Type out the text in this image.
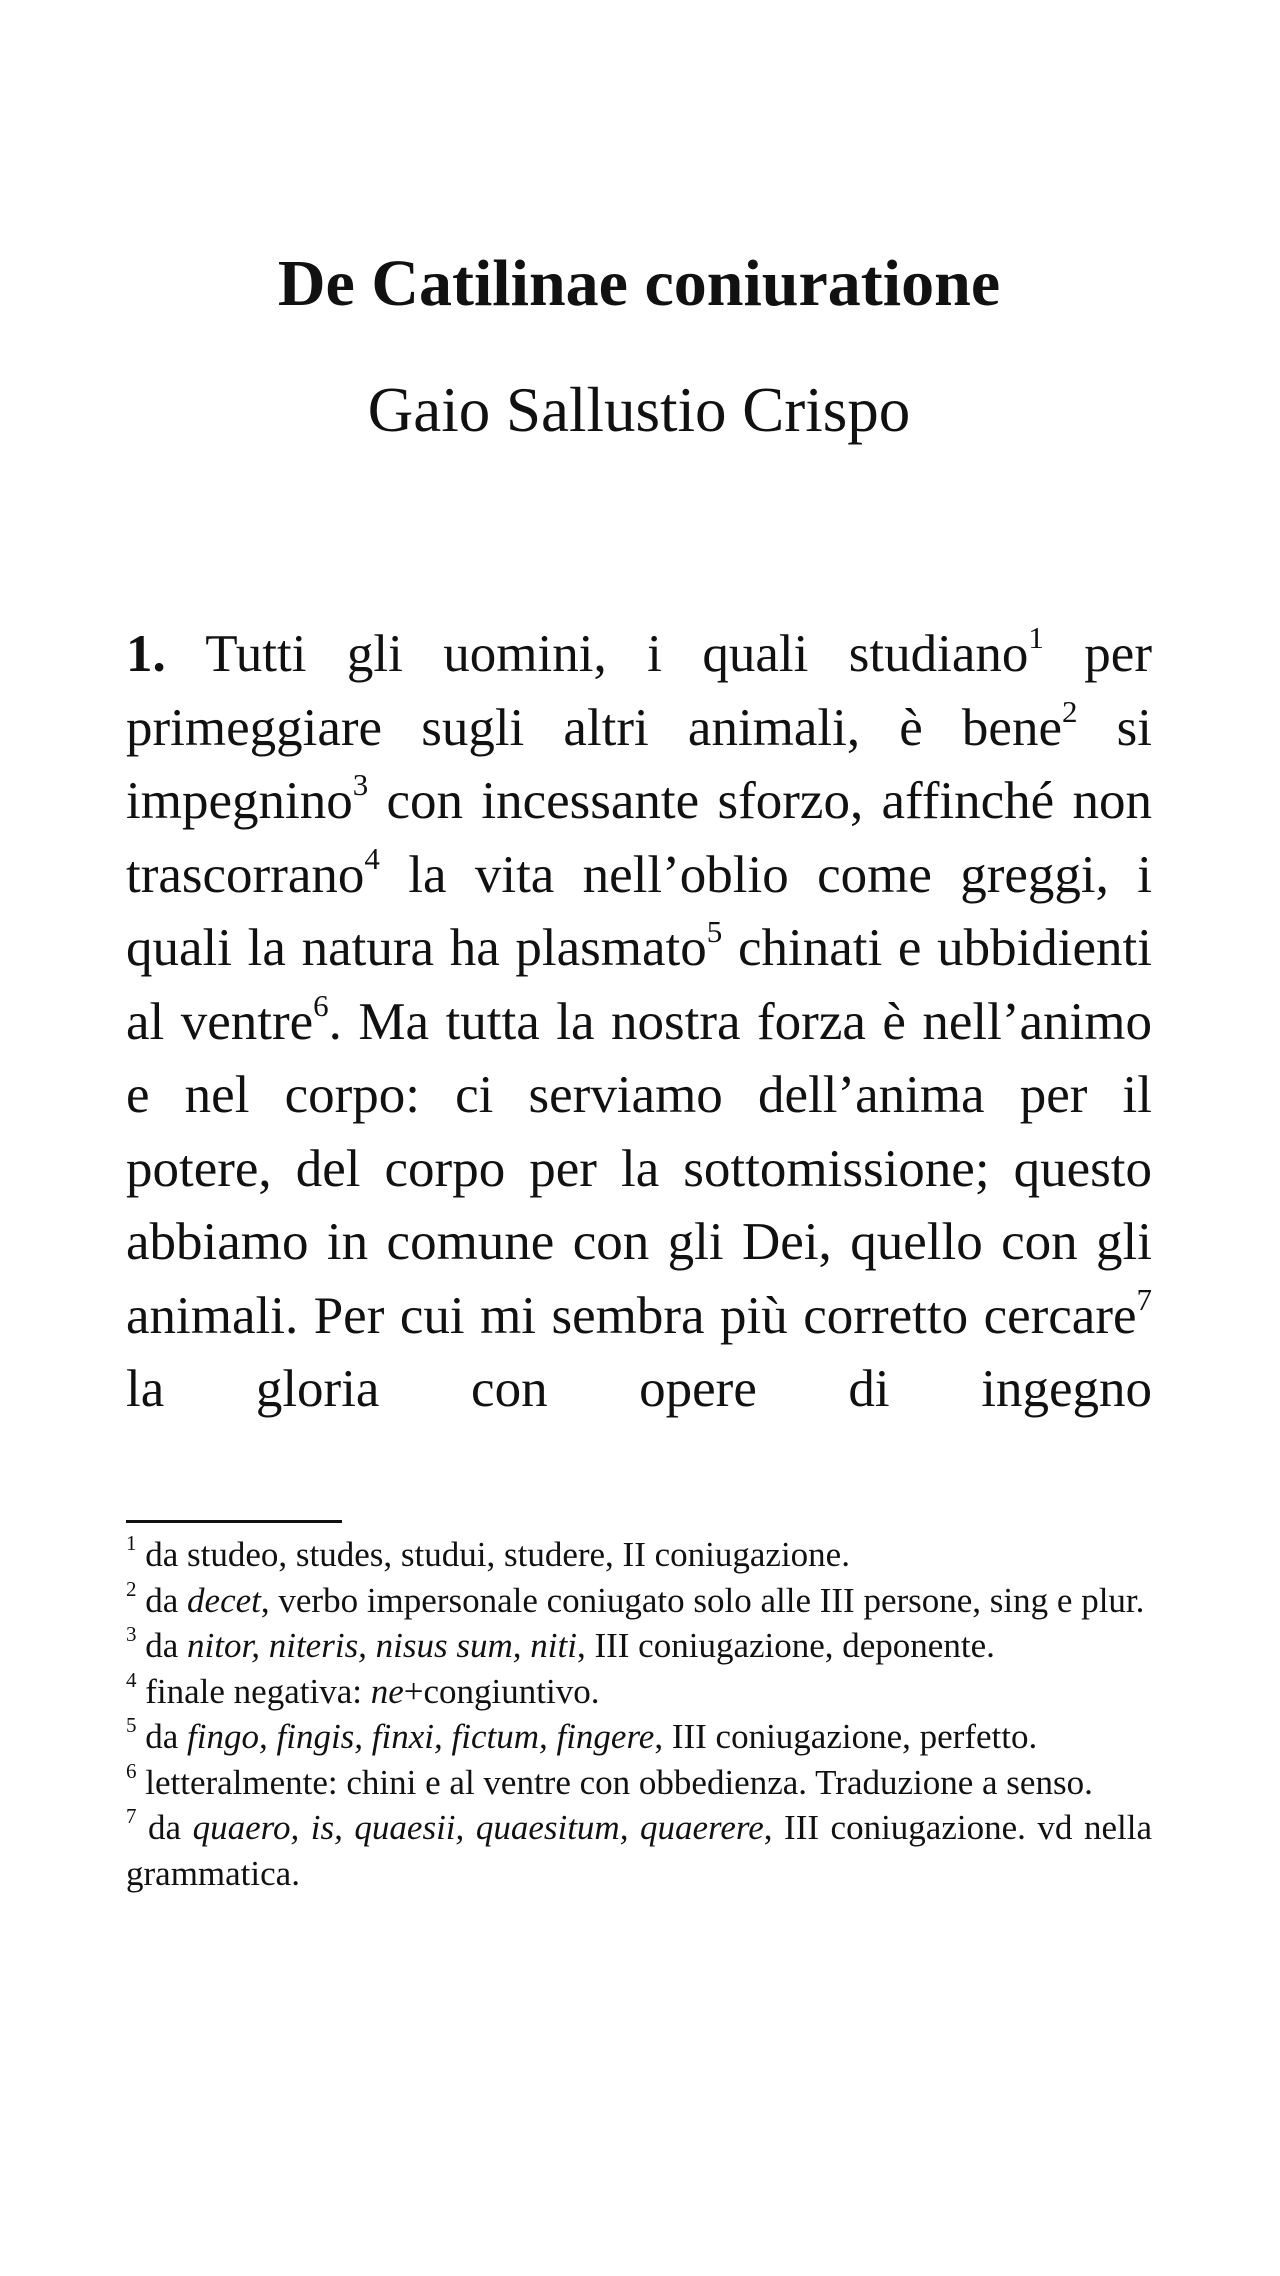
De Catilinae coniuratione
Gaio Sallustio Crispo

1. Tutti gli uomini, i quali studiano$^1$ per primeggiare sugli altri animali, è bene$^2$ si impegnino$^3$ con incessante sforzo, affinché non trascorrano$^4$ la vita nell’oblio come greggi, i quali la natura ha plasmato$^5$ chinati e ubbidienti al ventre$^6$. Ma tutta la nostra forza è nell’animo e nel corpo: ci serviamo dell’anima per il potere, del corpo per la sottomissione; questo abbiamo in comune con gli Dei, quello con gli animali. Per cui mi sembra più corretto cercare$^7$ la gloria con opere di ingegno

$^1$ da studeo, studes, studui, studere, II coniugazione.

$^2$ da decet, verbo impersonale coniugato solo alle III persone, sing e plur.

$^3$ da nitor, niteris, nisus sum, niti, III coniugazione, deponente.

$^4$ finale negativa: ne+congiuntivo.

$^5$ da fingo, fingis, finxi, fictum, fingere, III coniugazione, perfetto.

$^6$ letteralmente: chini e al ventre con obbedienza. Traduzione a senso.

$^7$ da quaero, is, quaesii, quaesitum, quaerere, III coniugazione. vd nella grammatica.
